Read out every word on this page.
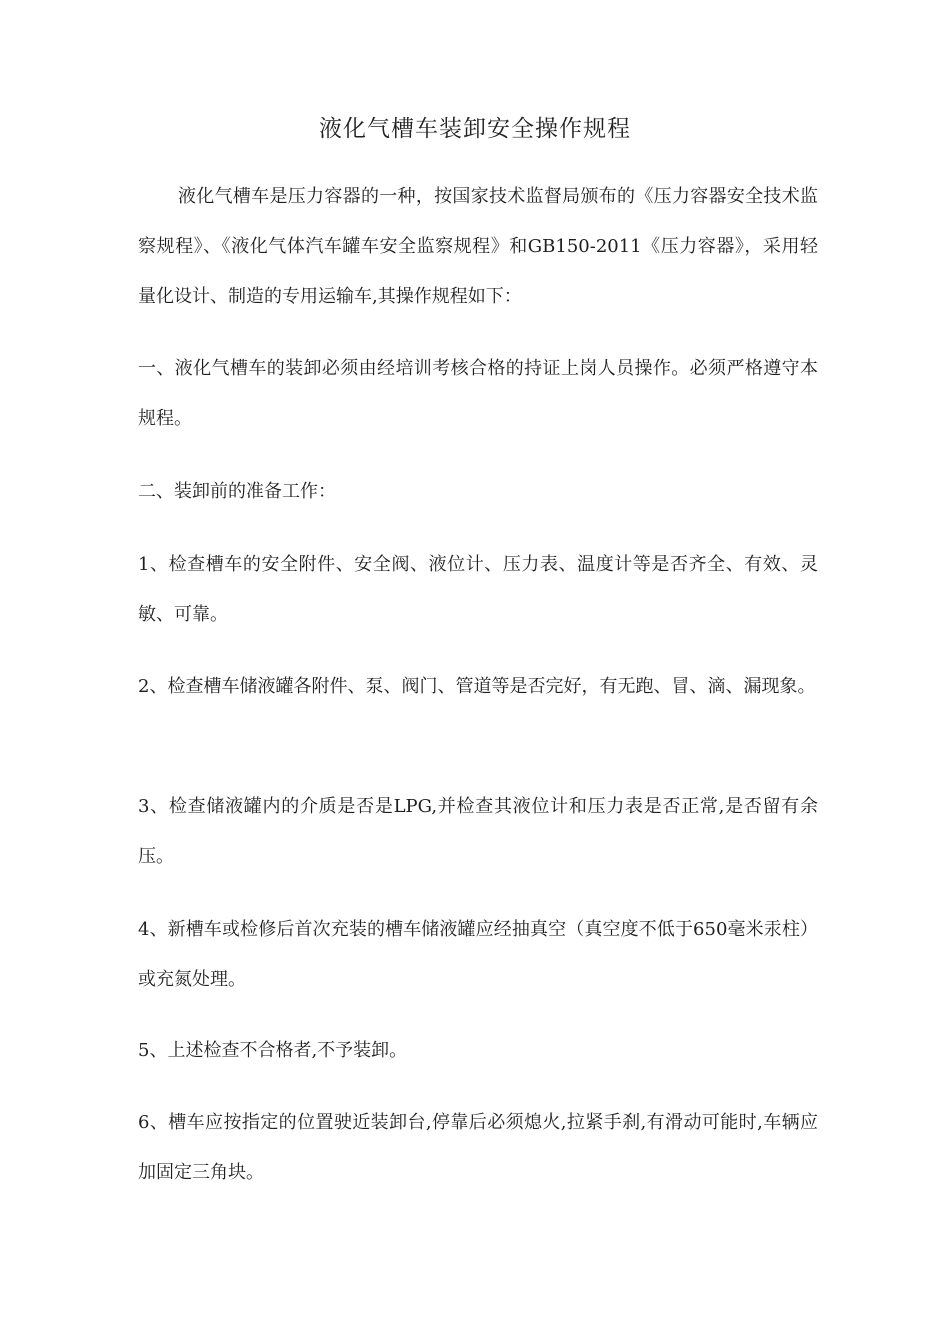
液化气槽车装卸安全操作规程

液化气槽车是压力容器的一种，按国家技术监督局颁布的《压力容器安全技术监察规程》、《液化气体汽车罐车安全监察规程》和GB150-2011《压力容器》，采用轻量化设计、制造的专用运输车,其操作规程如下：

一、液化气槽车的装卸必须由经培训考核合格的持证上岗人员操作。必须严格遵守本规程。

二、装卸前的准备工作：

1、检查槽车的安全附件、安全阀、液位计、压力表、温度计等是否齐全、有效、灵敏、可靠。

2、检查槽车储液罐各附件、泵、阀门、管道等是否完好，有无跑、冒、滴、漏现象。

3、检查储液罐内的介质是否是LPG,并检查其液位计和压力表是否正常,是否留有余压。

4、新槽车或检修后首次充装的槽车储液罐应经抽真空（真空度不低于650毫米汞柱）或充氮处理。

5、上述检查不合格者,不予装卸。

6、槽车应按指定的位置驶近装卸台,停靠后必须熄火,拉紧手刹,有滑动可能时,车辆应加固定三角块。
